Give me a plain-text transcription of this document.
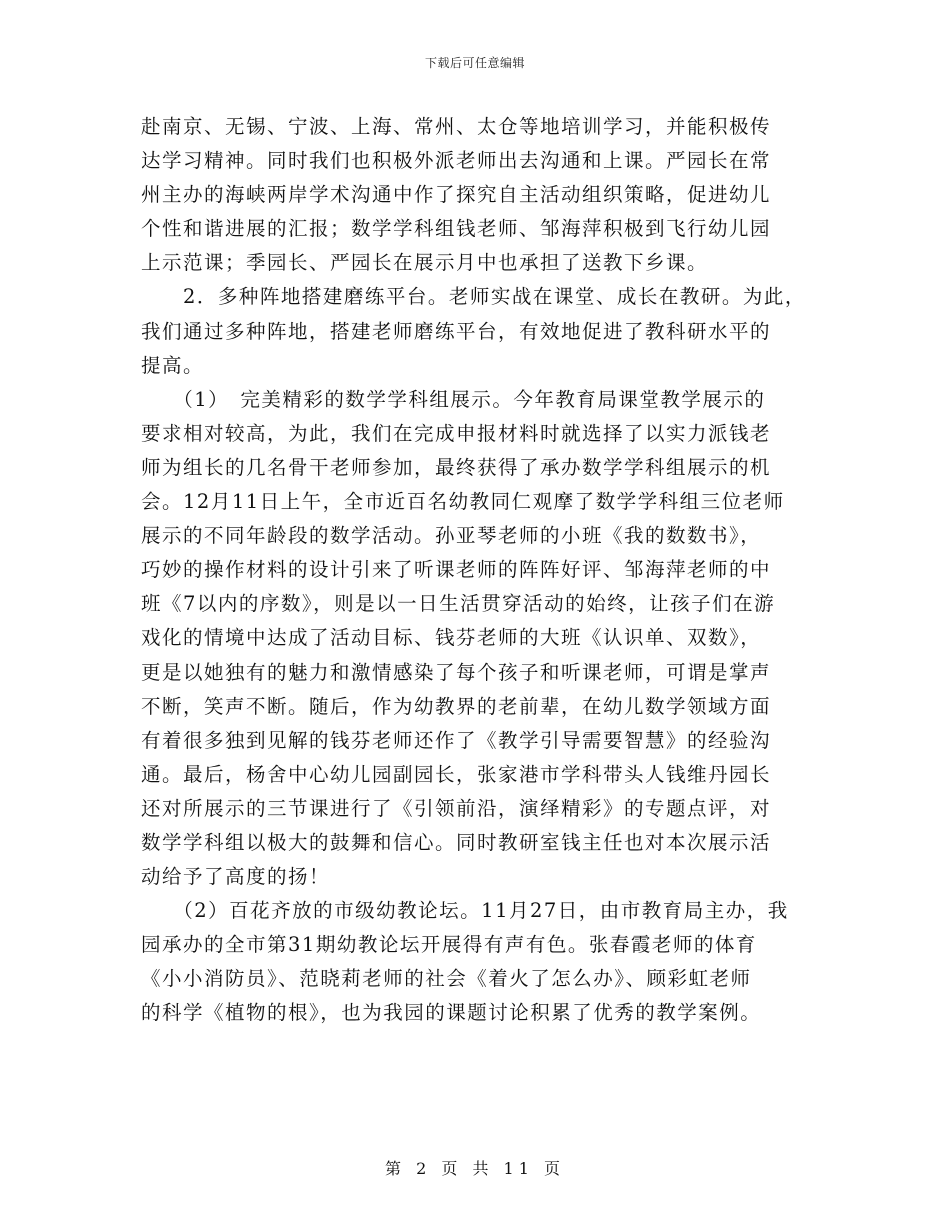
下载后可任意编辑
赴南京、无锡、宁波、上海、常州、太仓等地培训学习，并能积极传
达学习精神。同时我们也积极外派老师出去沟通和上课。严园长在常
州主办的海峡两岸学术沟通中作了探究自主活动组织策略，促进幼儿
个性和谐进展的汇报；数学学科组钱老师、邹海萍积极到飞行幼儿园
上示范课；季园长、严园长在展示月中也承担了送教下乡课。
　　2．多种阵地搭建磨练平台。老师实战在课堂、成长在教研。为此，
我们通过多种阵地，搭建老师磨练平台，有效地促进了教科研水平的
提高。
　　（1）　完美精彩的数学学科组展示。今年教育局课堂教学展示的
要求相对较高，为此，我们在完成申报材料时就选择了以实力派钱老
师为组长的几名骨干老师参加，最终获得了承办数学学科组展示的机
会。12月11日上午，全市近百名幼教同仁观摩了数学学科组三位老师
展示的不同年龄段的数学活动。孙亚琴老师的小班《我的数数书》，
巧妙的操作材料的设计引来了听课老师的阵阵好评、邹海萍老师的中
班《7以内的序数》，则是以一日生活贯穿活动的始终，让孩子们在游
戏化的情境中达成了活动目标、钱芬老师的大班《认识单、双数》，
更是以她独有的魅力和激情感染了每个孩子和听课老师，可谓是掌声
不断，笑声不断。随后，作为幼教界的老前辈，在幼儿数学领域方面
有着很多独到见解的钱芬老师还作了《教学引导需要智慧》的经验沟
通。最后，杨舍中心幼儿园副园长，张家港市学科带头人钱维丹园长
还对所展示的三节课进行了《引领前沿，演绎精彩》的专题点评，对
数学学科组以极大的鼓舞和信心。同时教研室钱主任也对本次展示活
动给予了高度的扬！
　　（2）百花齐放的市级幼教论坛。11月27日，由市教育局主办，我
园承办的全市第31期幼教论坛开展得有声有色。张春霞老师的体育
《小小消防员》、范晓莉老师的社会《着火了怎么办》、顾彩虹老师
的科学《植物的根》，也为我园的课题讨论积累了优秀的教学案例。
第 2 页 共 11 页
